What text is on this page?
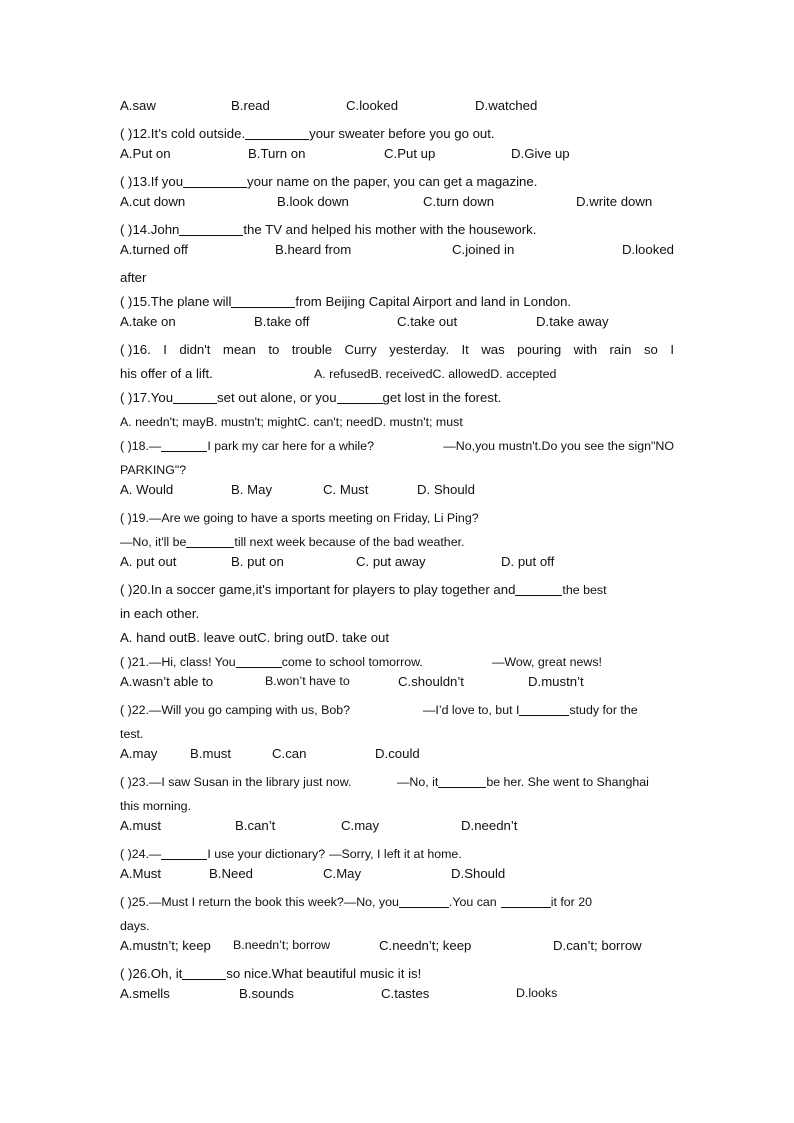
A.saw	B.read	C.looked	D.watched
( )12.It’s cold outside.	your sweater before you go out.
A.Put on	B.Turn on	C.Put up	D.Give up
( )13.If you	your name on the paper, you can get a magazine.
A.cut down	B.look down	C.turn down	D.write down
( )14.John	the TV and helped his mother with the housework.
A.turned off	B.heard from	C.joined in	D.looked
after
( )15.The plane will	from Beijing Capital Airport and land in London.
A.take on	B.take off	C.take out	D.take away
( )16. I didn't mean to trouble Curry yesterday. It was pouring with rain so I
his offer of a lift.	A. refusedB. receivedC. allowedD. accepted
( )17.You	set out alone, or you	get lost in the forest.
A. needn't; mayB. mustn't; mightC. can't; needD. mustn't; must
( )18.—	I park my car here for a while?	—No,you mustn't.Do you see the sign"NO
PARKING"?
A. Would	B. May	C. Must	D. Should
( )19.—Are we going to have a sports meeting on Friday, Li Ping?
—No, it'll be	till next week because of the bad weather.
A. put out	B. put on	C. put away	D. put off
( )20.In a soccer game,it's important for players to play together and	the best
in each other.
A. hand outB. leave outC. bring outD. take out
( )21.—Hi, class! You	come to school tomorrow.	—Wow, great news!
A.wasn’t able to	B.won’t have to	C.shouldn’t	D.mustn’t
( )22.—Will you go camping with us, Bob?	—I’d love to, but I	study for the
test.
A.may B.must	C.can	D.could
( )23.—I saw Susan in the library just now.	—No, it	be her. She went to Shanghai
this morning.
A.must	B.can’t	C.may	D.needn’t
( )24.—	I use your dictionary? —Sorry, I left it at home.
A.Must	B.Need	C.May	D.Should
( )25.—Must I return the book this week?—No, you	.You can	it for 20
days.
A.mustn’t; keep B.needn’t; borrow	C.needn’t; keep	D.can’t; borrow
( )26.Oh, it	so nice.What beautiful music it is!
A.smells	B.sounds	C.tastes	D.looks
